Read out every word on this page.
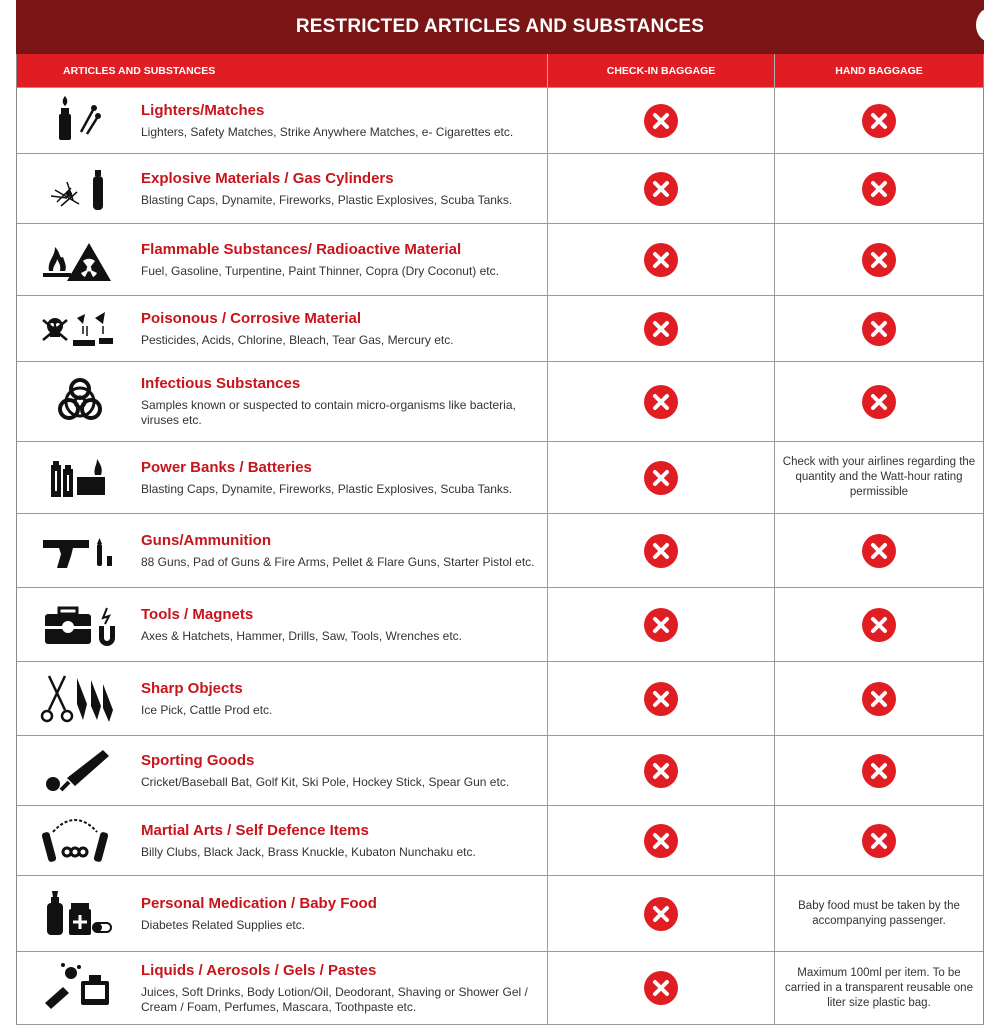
RESTRICTED ARTICLES AND SUBSTANCES
ARTICLES AND SUBSTANCES	CHECK-IN BAGGAGE	HAND BAGGAGE
Lighters/Matches
Lighters, Safety Matches, Strike Anywhere Matches, e- Cigarettes etc.
Explosive Materials / Gas Cylinders
Blasting Caps, Dynamite, Fireworks, Plastic Explosives, Scuba Tanks.
Flammable Substances/ Radioactive Material
Fuel, Gasoline, Turpentine, Paint Thinner, Copra (Dry Coconut) etc.
Poisonous / Corrosive Material
Pesticides, Acids, Chlorine, Bleach, Tear Gas, Mercury etc.
Infectious Substances
Samples known or suspected to contain micro-organisms like bacteria, viruses etc.
Power Banks / Batteries
Blasting Caps, Dynamite, Fireworks, Plastic Explosives, Scuba Tanks.
Check with your airlines regarding the quantity and the Watt-hour rating permissible
Guns/Ammunition
88 Guns, Pad of Guns & Fire Arms, Pellet & Flare Guns, Starter Pistol etc.
Tools / Magnets
Axes & Hatchets, Hammer, Drills, Saw, Tools, Wrenches etc.
Sharp Objects
Ice Pick, Cattle Prod etc.
Sporting Goods
Cricket/Baseball Bat, Golf Kit, Ski Pole, Hockey Stick, Spear Gun etc.
Martial Arts / Self Defence Items
Billy Clubs, Black Jack, Brass Knuckle, Kubaton Nunchaku etc.
Personal Medication / Baby Food
Diabetes Related Supplies etc.
Baby food must be taken by the accompanying passenger.
Liquids / Aerosols / Gels / Pastes
Juices, Soft Drinks, Body Lotion/Oil, Deodorant, Shaving or Shower Gel / Cream / Foam, Perfumes, Mascara, Toothpaste etc.
Maximum 100ml per item. To be carried in a transparent reusable one liter size plastic bag.
